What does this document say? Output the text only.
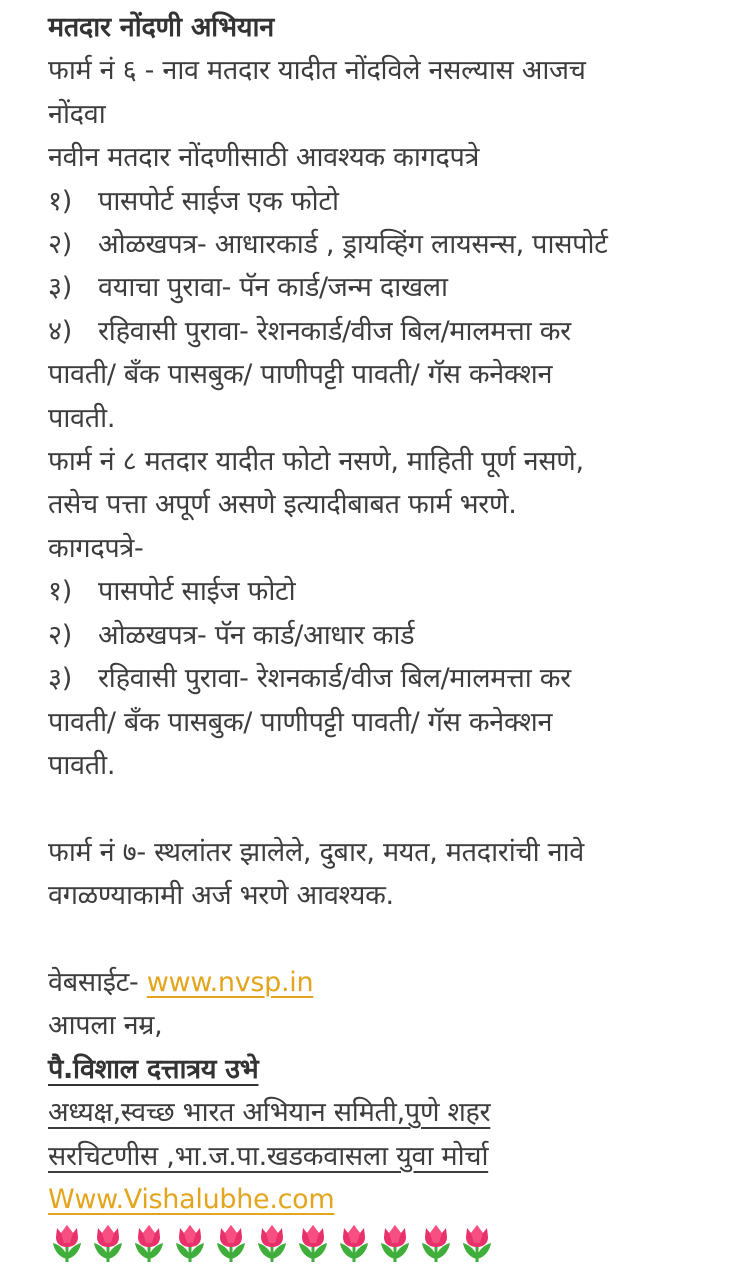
मतदार नोंदणी अभियान
फार्म नं ६ - नाव मतदार यादीत नोंदविले नसल्यास आजच
नोंदवा
नवीन मतदार नोंदणीसाठी आवश्यक कागदपत्रे
१) पासपोर्ट साईज एक फोटो
२) ओळखपत्र- आधारकार्ड , ड्रायव्हिंग लायसन्स, पासपोर्ट
३) वयाचा पुरावा- पॅन कार्ड/जन्म दाखला
४) रहिवासी पुरावा- रेशनकार्ड/वीज बिल/मालमत्ता कर
पावती/ बँक पासबुक/ पाणीपट्टी पावती/ गॅस कनेक्शन
पावती.
फार्म नं ८ मतदार यादीत फोटो नसणे, माहिती पूर्ण नसणे,
तसेच पत्ता अपूर्ण असणे इत्यादीबाबत फार्म भरणे.
कागदपत्रे-
१) पासपोर्ट साईज फोटो
२) ओळखपत्र- पॅन कार्ड/आधार कार्ड
३) रहिवासी पुरावा- रेशनकार्ड/वीज बिल/मालमत्ता कर
पावती/ बँक पासबुक/ पाणीपट्टी पावती/ गॅस कनेक्शन
पावती.
फार्म नं ७- स्थलांतर झालेले, दुबार, मयत, मतदारांची नावे
वगळण्याकामी अर्ज भरणे आवश्यक.
वेबसाईट- www.nvsp.in
आपला नम्र,
पै.विशाल दत्तात्रय उभे
अध्यक्ष,स्वच्छ भारत अभियान समिती,पुणे शहर
सरचिटणीस ,भा.ज.पा.खडकवासला युवा मोर्चा
Www.Vishalubhe.com
